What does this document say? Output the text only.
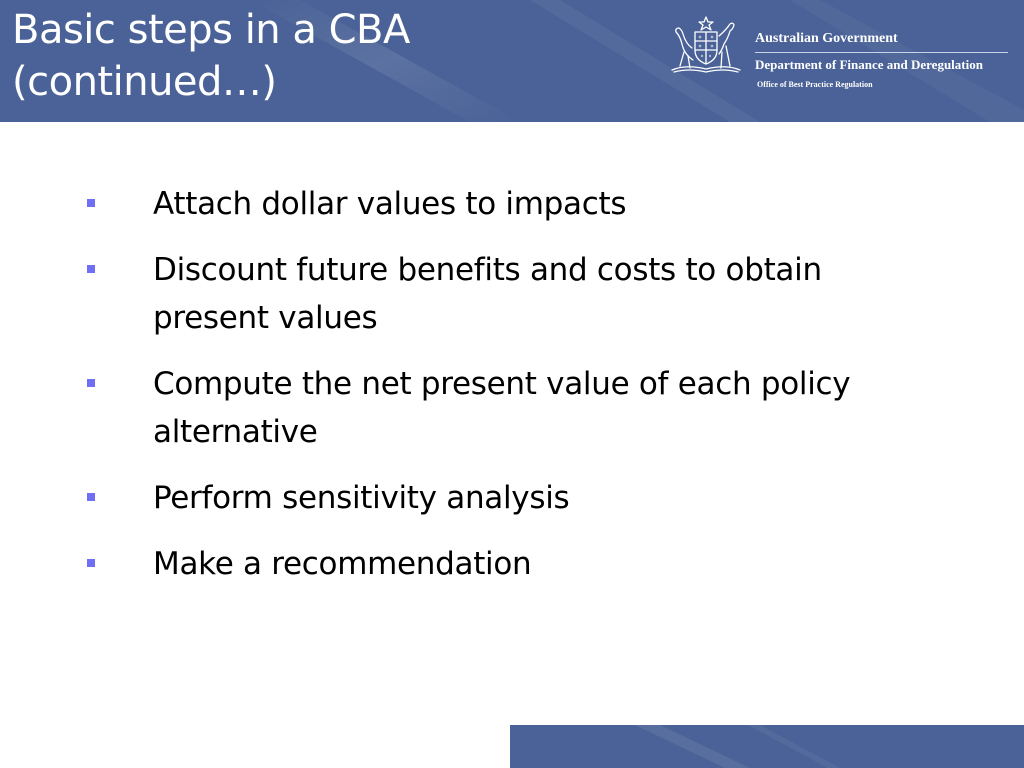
Basic steps in a CBA
(continued…)
Australian Government
Department of Finance and Deregulation
Office of Best Practice Regulation
Attach dollar values to impacts
Discount future benefits and costs to obtain present values
Compute the net present value of each policy alternative
Perform sensitivity analysis
Make a recommendation
